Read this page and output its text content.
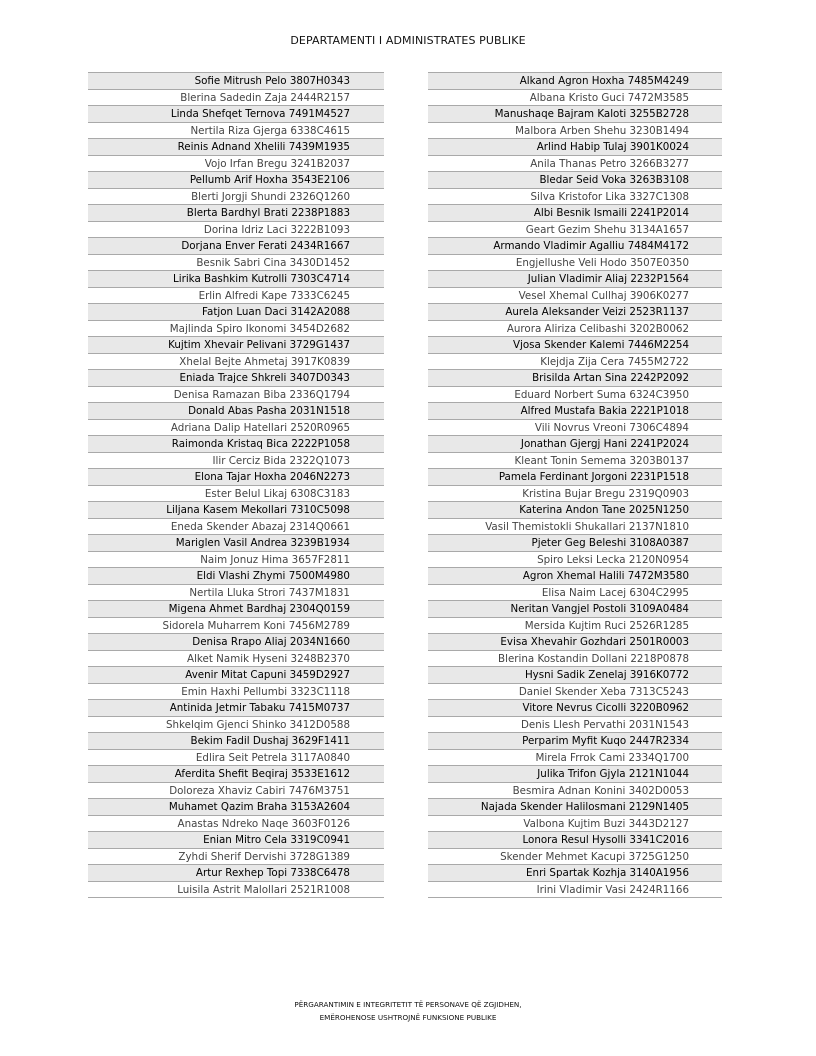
DEPARTAMENTI I ADMINISTRATES PUBLIKE
Sofie Mitrush Pelo 3807H0343
Blerina Sadedin Zaja 2444R2157
Linda Shefqet Ternova 7491M4527
Nertila Riza Gjerga 6338C4615
Reinis Adnand Xhelili 7439M1935
Vojo Irfan Bregu 3241B2037
Pellumb Arif Hoxha 3543E2106
Blerti Jorgji Shundi 2326Q1260
Blerta Bardhyl Brati 2238P1883
Dorina Idriz Laci 3222B1093
Dorjana Enver Ferati 2434R1667
Besnik Sabri Cina 3430D1452
Lirika Bashkim Kutrolli 7303C4714
Erlin Alfredi Kape 7333C6245
Fatjon Luan Daci 3142A2088
Majlinda Spiro Ikonomi 3454D2682
Kujtim Xhevair Pelivani 3729G1437
Xhelal Bejte Ahmetaj 3917K0839
Eniada Trajce Shkreli 3407D0343
Denisa Ramazan Biba 2336Q1794
Donald Abas Pasha 2031N1518
Adriana Dalip Hatellari 2520R0965
Raimonda Kristaq Bica 2222P1058
Ilir Cerciz Bida 2322Q1073
Elona Tajar Hoxha 2046N2273
Ester Belul Likaj 6308C3183
Liljana Kasem Mekollari 7310C5098
Eneda Skender Abazaj 2314Q0661
Mariglen Vasil Andrea 3239B1934
Naim Jonuz Hima 3657F2811
Eldi Vlashi Zhymi 7500M4980
Nertila Lluka Strori 7437M1831
Migena Ahmet Bardhaj 2304Q0159
Sidorela Muharrem Koni 7456M2789
Denisa Rrapo Aliaj 2034N1660
Alket Namik Hyseni 3248B2370
Avenir Mitat Capuni 3459D2927
Emin Haxhi Pellumbi 3323C1118
Antinida Jetmir Tabaku 7415M0737
Shkelqim Gjenci Shinko 3412D0588
Bekim Fadil Dushaj 3629F1411
Edlira Seit Petrela 3117A0840
Aferdita Shefit Beqiraj 3533E1612
Doloreza Xhaviz Cabiri 7476M3751
Muhamet Qazim Braha 3153A2604
Anastas Ndreko Naqe 3603F0126
Enian Mitro Cela 3319C0941
Zyhdi Sherif Dervishi 3728G1389
Artur Rexhep Topi 7338C6478
Luisila Astrit Malollari 2521R1008
Alkand Agron Hoxha 7485M4249
Albana Kristo Guci 7472M3585
Manushaqe Bajram Kaloti 3255B2728
Malbora Arben Shehu 3230B1494
Arlind Habip Tulaj 3901K0024
Anila Thanas Petro 3266B3277
Bledar Seid Voka 3263B3108
Silva Kristofor Lika 3327C1308
Albi Besnik Ismaili 2241P2014
Geart Gezim Shehu 3134A1657
Armando Vladimir Agalliu 7484M4172
Engjellushe Veli Hodo 3507E0350
Julian Vladimir Aliaj 2232P1564
Vesel Xhemal Cullhaj 3906K0277
Aurela Aleksander Veizi 2523R1137
Aurora Aliriza Celibashi 3202B0062
Vjosa Skender Kalemi 7446M2254
Klejdja Zija Cera 7455M2722
Brisilda Artan Sina 2242P2092
Eduard Norbert Suma 6324C3950
Alfred Mustafa Bakia 2221P1018
Vili Novrus Vreoni 7306C4894
Jonathan Gjergj Hani 2241P2024
Kleant Tonin Semema 3203B0137
Pamela Ferdinant Jorgoni 2231P1518
Kristina Bujar Bregu 2319Q0903
Katerina Andon Tane 2025N1250
Vasil Themistokli Shukallari 2137N1810
Pjeter Geg Beleshi 3108A0387
Spiro Leksi Lecka 2120N0954
Agron Xhemal Halili 7472M3580
Elisa Naim Lacej 6304C2995
Neritan Vangjel Postoli 3109A0484
Mersida Kujtim Ruci 2526R1285
Evisa Xhevahir Gozhdari 2501R0003
Blerina Kostandin Dollani 2218P0878
Hysni Sadik Zenelaj 3916K0772
Daniel Skender Xeba 7313C5243
Vitore Nevrus Cicolli 3220B0962
Denis Llesh Pervathi 2031N1543
Perparim Myfit Kuqo 2447R2334
Mirela Frrok Cami 2334Q1700
Julika Trifon Gjyla 2121N1044
Besmira Adnan Konini 3402D0053
Najada Skender Halilosmani 2129N1405
Valbona Kujtim Buzi 3443D2127
Lonora Resul Hysolli 3341C2016
Skender Mehmet Kacupi 3725G1250
Enri Spartak Kozhja 3140A1956
Irini Vladimir Vasi 2424R1166
PËRGARANTIMIN E INTEGRITETIT TË PERSONAVE QË ZGJIDHEN,
EMËROHENOSE USHTROJNË FUNKSIONE PUBLIKE
